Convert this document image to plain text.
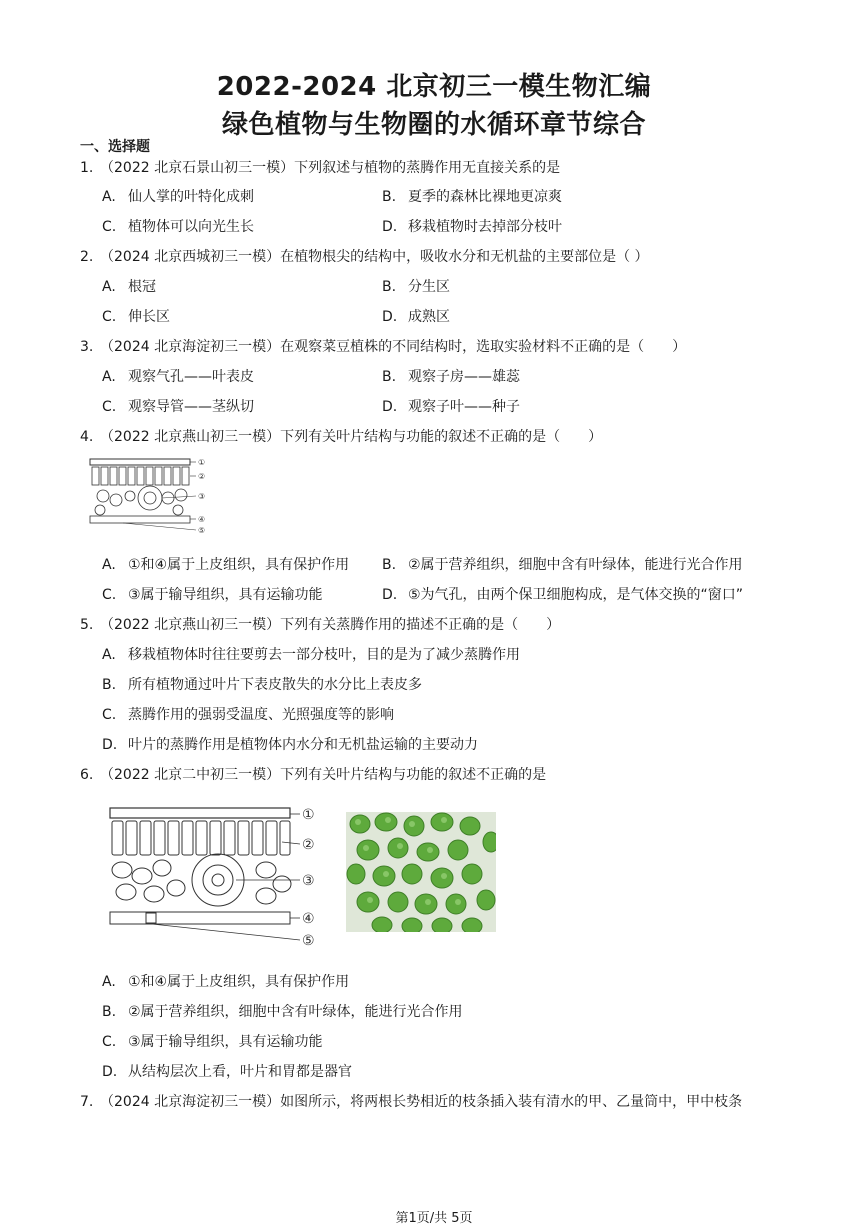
2022-2024 北京初三一模生物汇编
绿色植物与生物圈的水循环章节综合
一、选择题
1. （2022 北京石景山初三一模）下列叙述与植物的蒸腾作用无直接关系的是
A. 仙人掌的叶特化成刺	B. 夏季的森林比裸地更凉爽
C. 植物体可以向光生长	D. 移栽植物时去掉部分枝叶
2. （2024 北京西城初三一模）在植物根尖的结构中，吸收水分和无机盐的主要部位是（ ）
A. 根冠	B. 分生区
C. 伸长区	D. 成熟区
3. （2024 北京海淀初三一模）在观察菜豆植株的不同结构时，选取实验材料不正确的是（　　）
A. 观察气孔——叶表皮	B. 观察子房——雄蕊
C. 观察导管——茎纵切	D. 观察子叶——种子
4. （2022 北京燕山初三一模）下列有关叶片结构与功能的叙述不正确的是（　　）
①
②
③
④
⑤
A. ①和④属于上皮组织，具有保护作用 B. ②属于营养组织，细胞中含有叶绿体，能进行光合作用
C. ③属于输导组织，具有运输功能	D. ⑤为气孔，由两个保卫细胞构成，是气体交换的“窗口”
5. （2022 北京燕山初三一模）下列有关蒸腾作用的描述不正确的是（　　）
A. 移栽植物体时往往要剪去一部分枝叶，目的是为了减少蒸腾作用
B. 所有植物通过叶片下表皮散失的水分比上表皮多
C. 蒸腾作用的强弱受温度、光照强度等的影响
D. 叶片的蒸腾作用是植物体内水分和无机盐运输的主要动力
6. （2022 北京二中初三一模）下列有关叶片结构与功能的叙述不正确的是
①
②
③
④
⑤
A. ①和④属于上皮组织，具有保护作用
B. ②属于营养组织，细胞中含有叶绿体，能进行光合作用
C. ③属于输导组织，具有运输功能
D. 从结构层次上看，叶片和胃都是器官
7. （2024 北京海淀初三一模）如图所示，将两根长势相近的枝条插入装有清水的甲、乙量筒中，甲中枝条
第1页/共 5页
